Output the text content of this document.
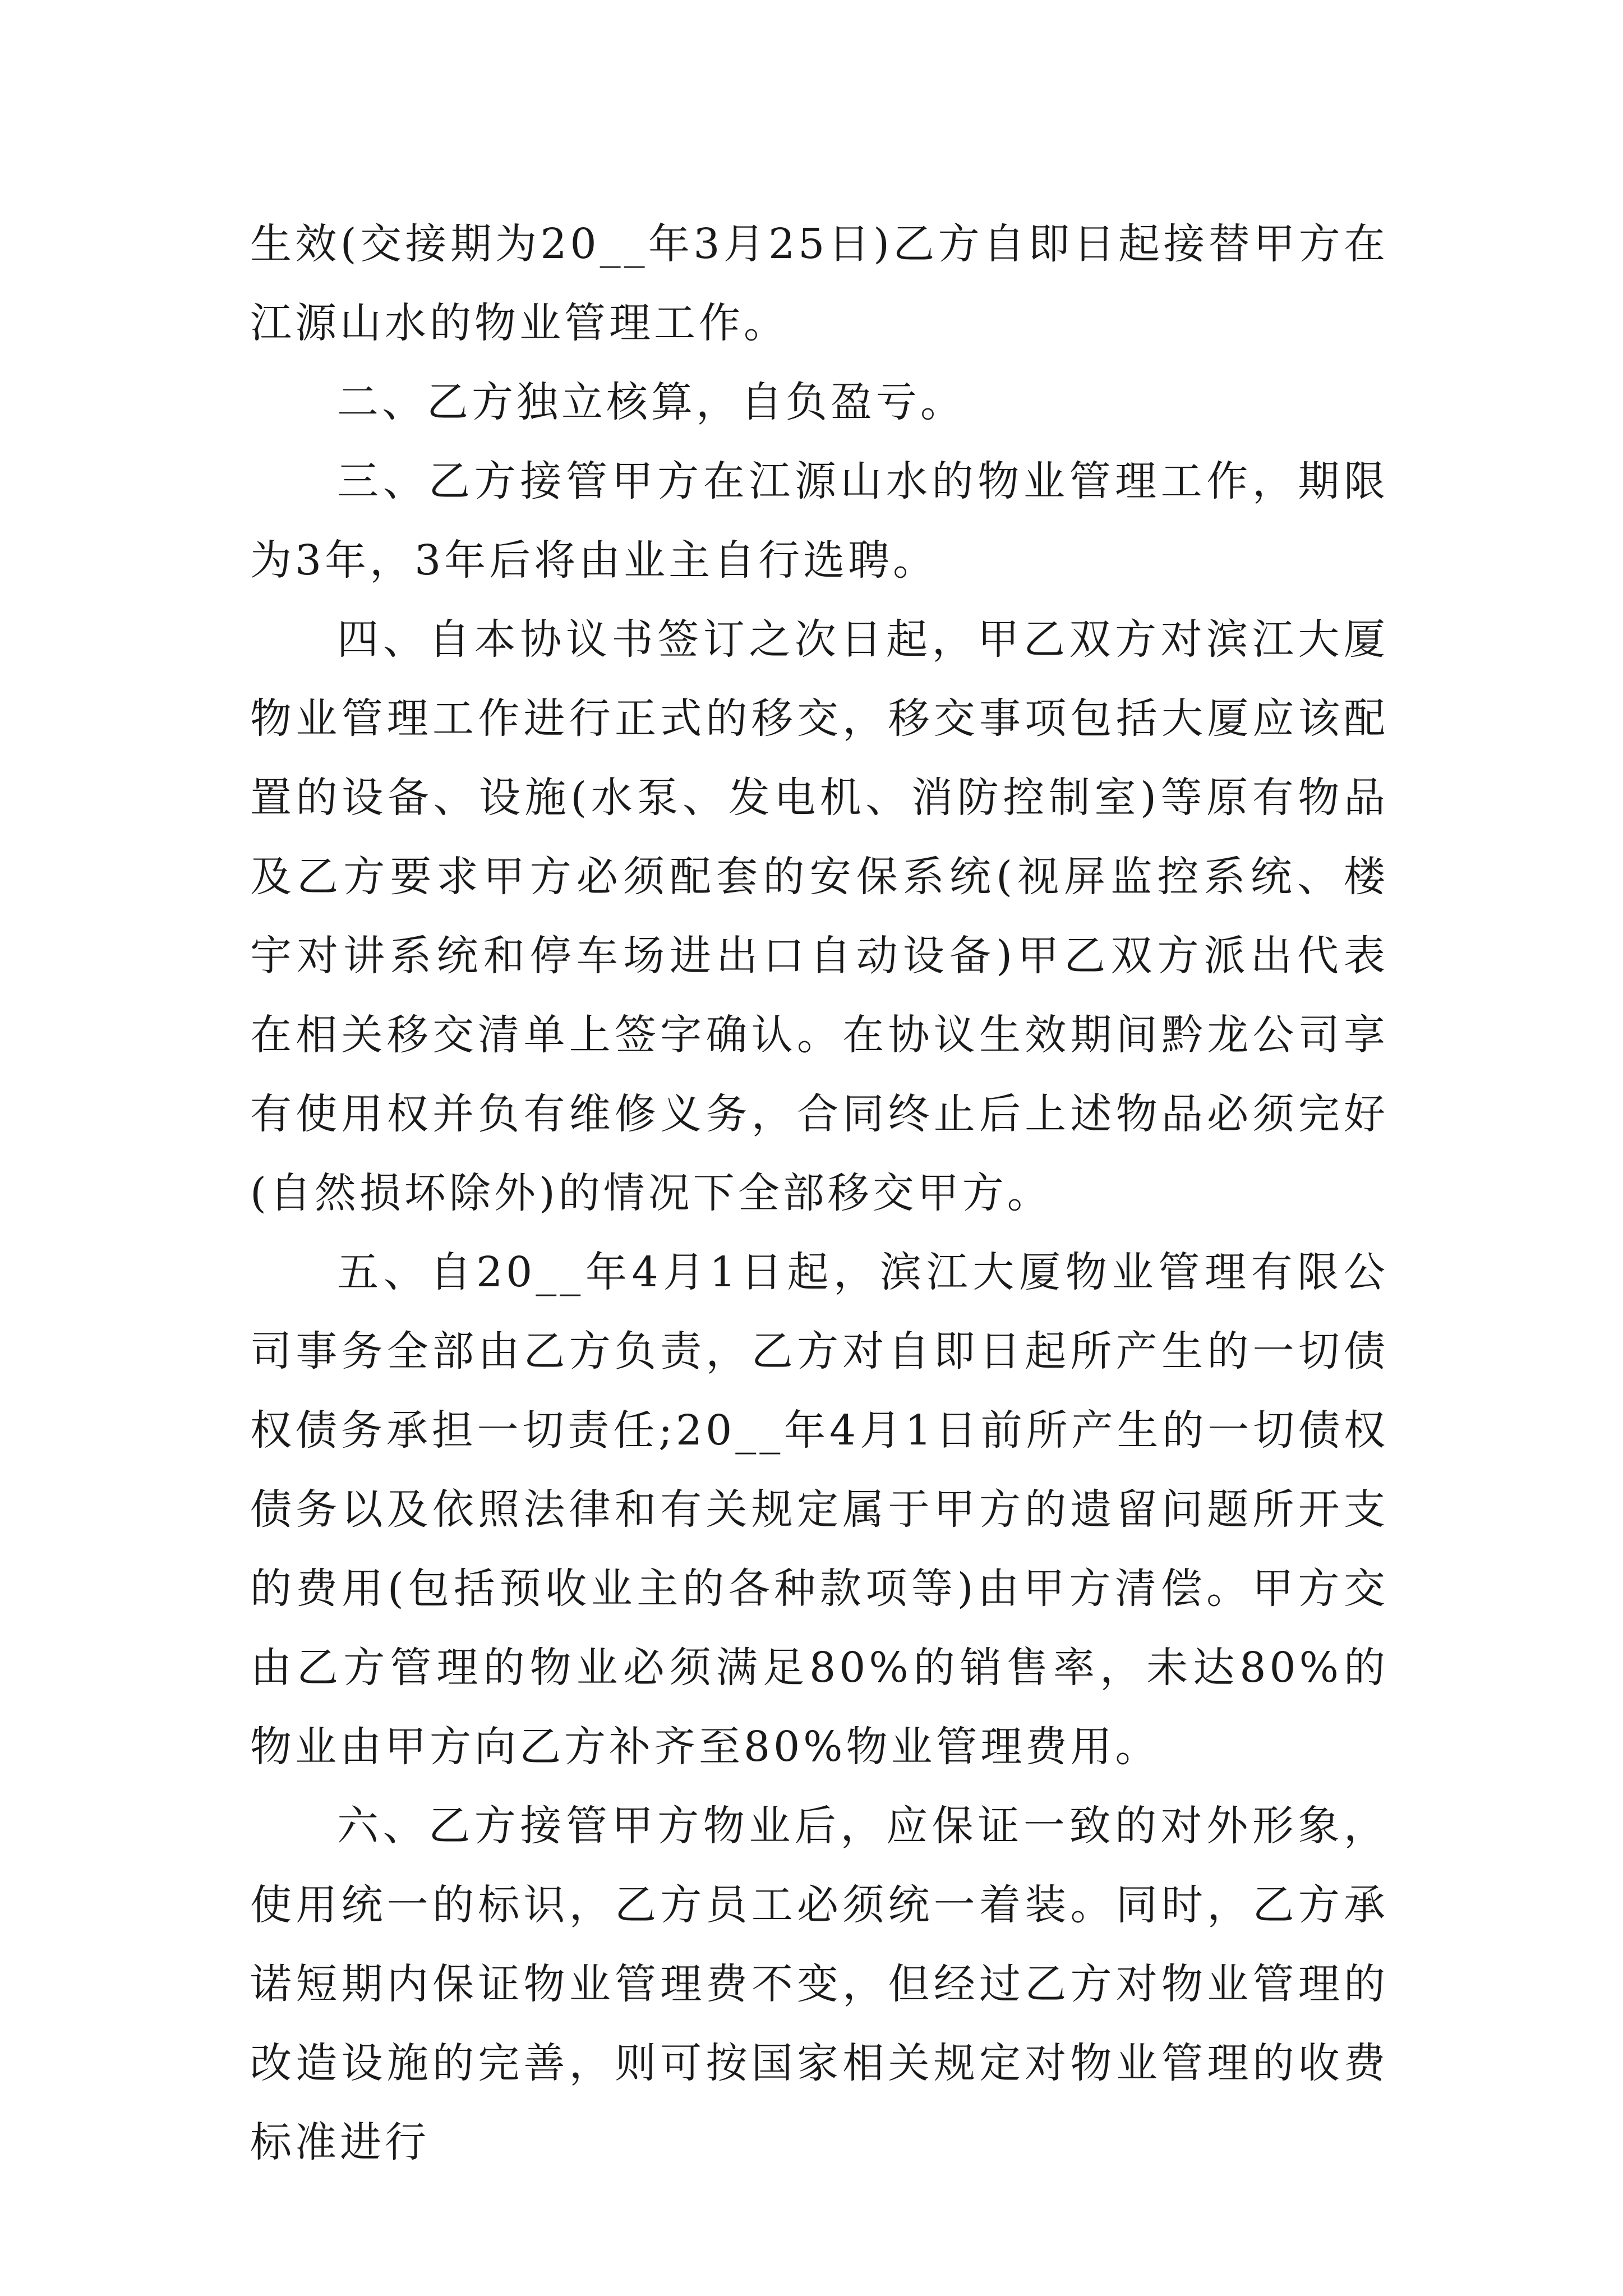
生效(交接期为20__年3月25日)乙方自即日起接替甲方在江源山水的物业管理工作。

二、乙方独立核算，自负盈亏。

三、乙方接管甲方在江源山水的物业管理工作，期限为3年，3年后将由业主自行选聘。

四、自本协议书签订之次日起，甲乙双方对滨江大厦物业管理工作进行正式的移交，移交事项包括大厦应该配置的设备、设施(水泵、发电机、消防控制室)等原有物品及乙方要求甲方必须配套的安保系统(视屏监控系统、楼宇对讲系统和停车场进出口自动设备)甲乙双方派出代表在相关移交清单上签字确认。在协议生效期间黔龙公司享有使用权并负有维修义务，合同终止后上述物品必须完好(自然损坏除外)的情况下全部移交甲方。

五、自20__年4月1日起，滨江大厦物业管理有限公司事务全部由乙方负责，乙方对自即日起所产生的一切债权债务承担一切责任;20__年4月1日前所产生的一切债权债务以及依照法律和有关规定属于甲方的遗留问题所开支的费用(包括预收业主的各种款项等)由甲方清偿。甲方交由乙方管理的物业必须满足80%的销售率，未达80%的物业由甲方向乙方补齐至80%物业管理费用。

六、乙方接管甲方物业后，应保证一致的对外形象，使用统一的标识，乙方员工必须统一着装。同时，乙方承诺短期内保证物业管理费不变，但经过乙方对物业管理的改造设施的完善，则可按国家相关规定对物业管理的收费标准进行
